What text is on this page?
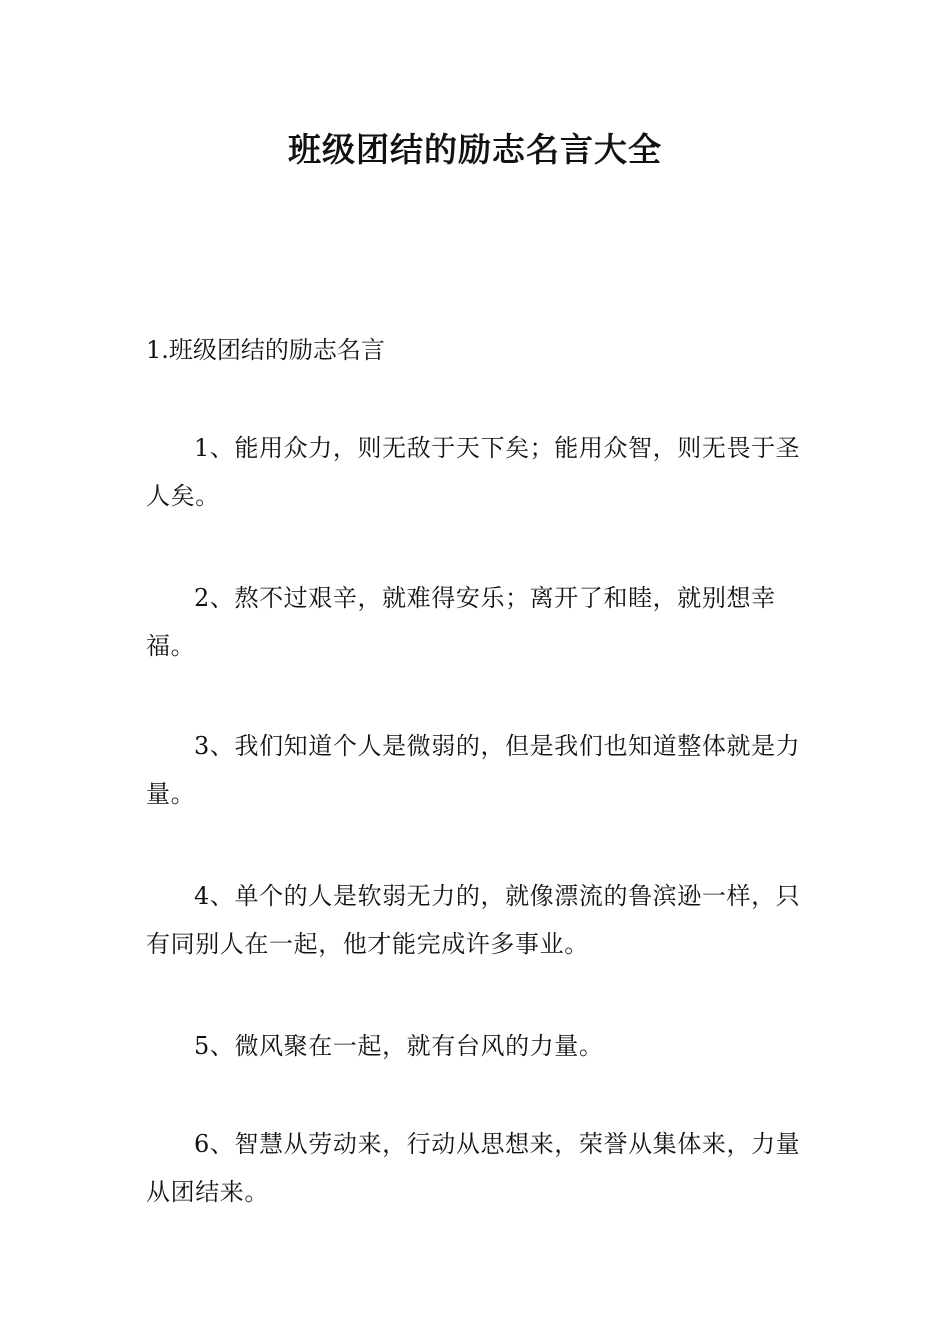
班级团结的励志名言大全

1.班级团结的励志名言

1、能用众力，则无敌于天下矣；能用众智，则无畏于圣人矣。

2、熬不过艰辛，就难得安乐；离开了和睦，就别想幸福。

3、我们知道个人是微弱的，但是我们也知道整体就是力量。

4、单个的人是软弱无力的，就像漂流的鲁滨逊一样，只有同别人在一起，他才能完成许多事业。

5、微风聚在一起，就有台风的力量。

6、智慧从劳动来，行动从思想来，荣誉从集体来，力量从团结来。
